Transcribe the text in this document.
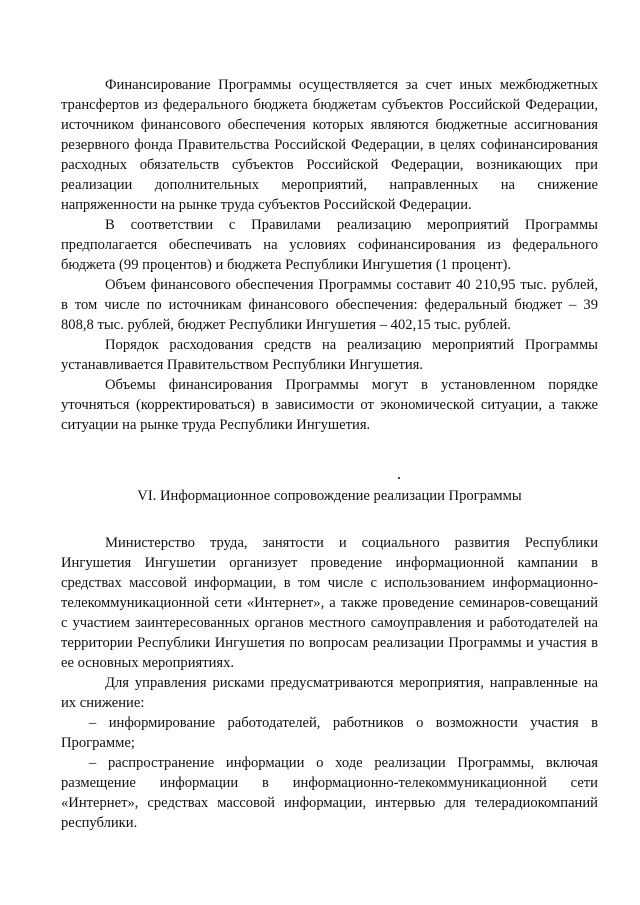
Финансирование Программы осуществляется за счет иных межбюджетных трансфертов из федерального бюджета бюджетам субъектов Российской Федерации, источником финансового обеспечения которых являются бюджетные ассигнования резервного фонда Правительства Российской Федерации, в целях софинансирования расходных обязательств субъектов Российской Федерации, возникающих при реализации дополнительных мероприятий, направленных на снижение напряженности на рынке труда субъектов Российской Федерации.

В соответствии с Правилами реализацию мероприятий Программы предполагается обеспечивать на условиях софинансирования из федерального бюджета (99 процентов) и бюджета Республики Ингушетия (1 процент).

Объем финансового обеспечения Программы составит 40 210,95 тыс. рублей, в том числе по источникам финансового обеспечения: федеральный бюджет – 39 808,8 тыс. рублей, бюджет Республики Ингушетия – 402,15 тыс. рублей.

Порядок расходования средств на реализацию мероприятий Программы устанавливается Правительством Республики Ингушетия.

Объемы финансирования Программы могут в установленном порядке уточняться (корректироваться) в зависимости от экономической ситуации, а также ситуации на рынке труда Республики Ингушетия.

VI. Информационное сопровождение реализации Программы

Министерство труда, занятости и социального развития Республики Ингушетия Ингушетии организует проведение информационной кампании в средствах массовой информации, в том числе с использованием информационно-телекоммуникационной сети «Интернет», а также проведение семинаров-совещаний с участием заинтересованных органов местного самоуправления и работодателей на территории Республики Ингушетия по вопросам реализации Программы и участия в ее основных мероприятиях.

Для управления рисками предусматриваются мероприятия, направленные на их снижение:

– информирование работодателей, работников о возможности участия в Программе;

– распространение информации о ходе реализации Программы, включая размещение информации в информационно-телекоммуникационной сети «Интернет», средствах массовой информации, интервью для телерадиокомпаний республики.
